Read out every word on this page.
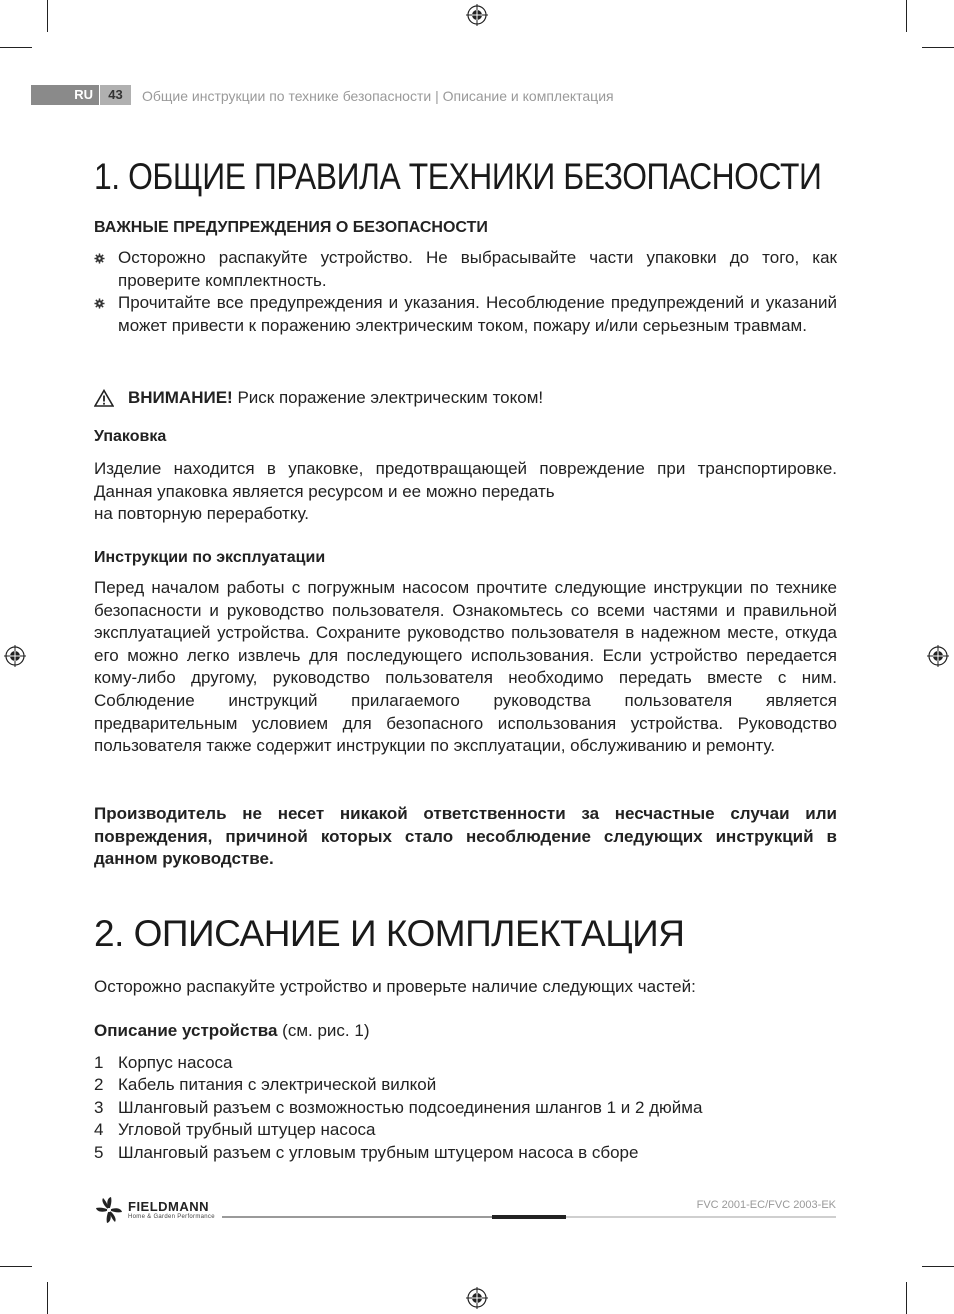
RU	43	Общие инструкции по технике безопасности | Описание и комплектация
1. ОБЩИЕ ПРАВИЛА ТЕХНИКИ БЕЗОПАСНОСТИ
ВАЖНЫЕ ПРЕДУПРЕЖДЕНИЯ О БЕЗОПАСНОСТИ
Осторожно распакуйте устройство. Не выбрасывайте части упаковки до того, как проверите комплектность.
Прочитайте все предупреждения и указания. Несоблюдение предупреждений и указаний может привести к поражению электрическим током, пожару и/или серьезным травмам.
ВНИМАНИЕ! Риск поражение электрическим током!
Упаковка
Изделие находится в упаковке, предотвращающей повреждение при транспортировке. Данная упаковка является ресурсом и ее можно передать
на повторную переработку.
Инструкции по эксплуатации
Перед началом работы с погружным насосом прочтите следующие инструкции по технике безопасности и руководство пользователя. Ознакомьтесь со всеми частями и правильной эксплуатацией устройства. Сохраните руководство пользователя в надежном месте, откуда его можно легко извлечь для последующего использования. Если устройство передается кому-либо другому, руководство пользователя необходимо передать вместе с ним. Соблюдение инструкций прилагаемого руководства пользователя является предварительным условием для безопасного использования устройства. Руководство пользователя также содержит инструкции по эксплуатации, обслуживанию и ремонту.
Производитель не несет никакой ответственности за несчастные случаи или повреждения, причиной которых стало несоблюдение следующих инструкций в данном руководстве.
2. ОПИСАНИЕ И КОМПЛЕКТАЦИЯ
Осторожно распакуйте устройство и проверьте наличие следующих частей:
Описание устройства (см. рис. 1)
1 Корпус насоса
2 Кабель питания с электрической вилкой
3 Шланговый разъем с возможностью подсоединения шлангов 1 и 2 дюйма
4 Угловой трубный штуцер насоса
5 Шланговый разъем с угловым трубным штуцером насоса в сборе
FIELDMANN
Home & Garden Performance
FVC 2001-EC/FVC 2003-EK
